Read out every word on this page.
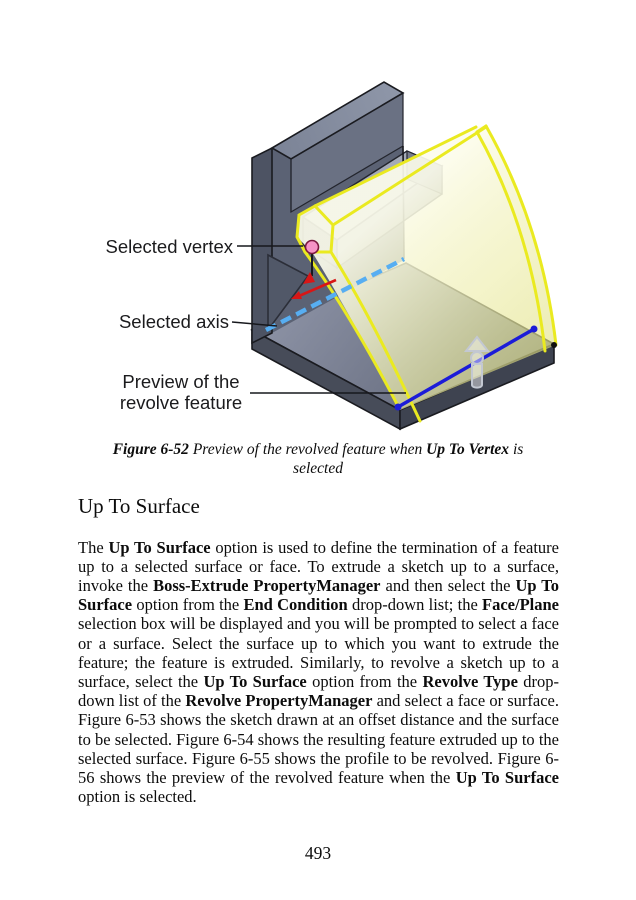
Selected vertex
Selected axis
Preview of the
revolve feature
Figure 6-52 Preview of the revolved feature when Up To Vertex is
selected
Up To Surface

The Up To Surface option is used to define the termination of a feature up to a selected surface or face. To extrude a sketch up to a surface, invoke the Boss-Extrude PropertyManager and then select the Up To Surface option from the End Condition drop-down list; the Face/Plane selection box will be displayed and you will be prompted to select a face or a surface. Select the surface up to which you want to extrude the feature; the feature is extruded. Similarly, to revolve a sketch up to a surface, select the Up To Surface option from the Revolve Type drop-down list of the Revolve PropertyManager and select a face or surface. Figure 6-53 shows the sketch drawn at an offset distance and the surface to be selected. Figure 6-54 shows the resulting feature extruded up to the selected surface. Figure 6-55 shows the profile to be revolved. Figure 6-56 shows the preview of the revolved feature when the Up To Surface option is selected.

493
